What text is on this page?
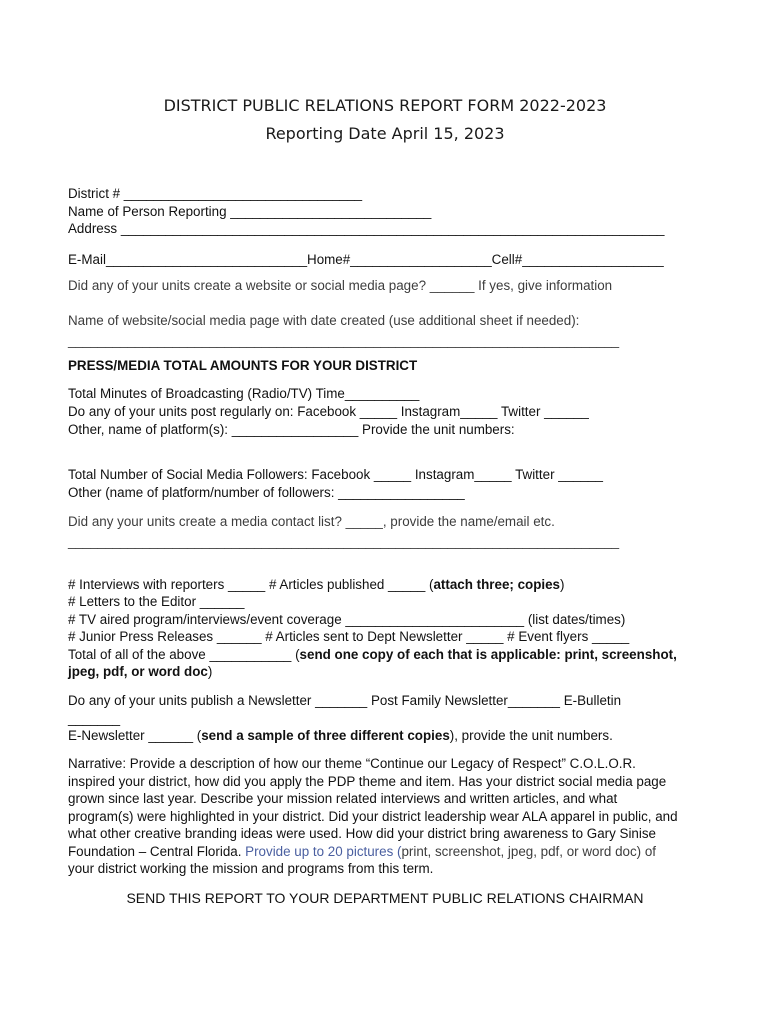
DISTRICT PUBLIC RELATIONS REPORT FORM 2022-2023
Reporting Date April 15, 2023
District # ________________________________
Name of Person Reporting ___________________________
Address _________________________________________________________________________
E-Mail___________________________Home#___________________Cell#___________________
Did any of your units create a website or social media page? ______ If yes, give information
Name of website/social media page with date created (use additional sheet if needed):
__________________________________________________________________________
PRESS/MEDIA TOTAL AMOUNTS FOR YOUR DISTRICT
Total Minutes of Broadcasting (Radio/TV) Time__________
Do any of your units post regularly on: Facebook _____ Instagram_____ Twitter ______
Other, name of platform(s): _________________ Provide the unit numbers:
Total Number of Social Media Followers: Facebook _____ Instagram_____ Twitter ______
Other (name of platform/number of followers: _________________
Did any your units create a media contact list? _____, provide the name/email etc.
__________________________________________________________________________
# Interviews with reporters _____ # Articles published _____ (attach three; copies)
# Letters to the Editor ______
# TV aired program/interviews/event coverage ________________________ (list dates/times)
# Junior Press Releases ______ # Articles sent to Dept Newsletter _____ # Event flyers _____
Total of all of the above ___________ (send one copy of each that is applicable: print, screenshot,
jpeg, pdf, or word doc)
Do any of your units publish a Newsletter _______ Post Family Newsletter_______ E-Bulletin
_______
E-Newsletter ______ (send a sample of three different copies), provide the unit numbers.
Narrative: Provide a description of how our theme “Continue our Legacy of Respect” C.O.L.O.R.
inspired your district, how did you apply the PDP theme and item. Has your district social media page
grown since last year. Describe your mission related interviews and written articles, and what
program(s) were highlighted in your district. Did your district leadership wear ALA apparel in public, and
what other creative branding ideas were used. How did your district bring awareness to Gary Sinise
Foundation – Central Florida. Provide up to 20 pictures (print, screenshot, jpeg, pdf, or word doc) of
your district working the mission and programs from this term.
SEND THIS REPORT TO YOUR DEPARTMENT PUBLIC RELATIONS CHAIRMAN
